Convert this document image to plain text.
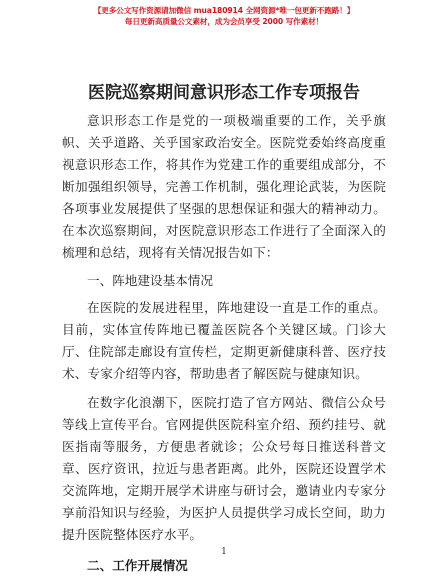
【更多公文写作资源请加微信 mua180914 全网资源*唯一包更新不跑路！】
每日更新高质量公文素材，成为会员享受 2000 写作素材！
医院巡察期间意识形态工作专项报告

意识形态工作是党的一项极端重要的工作，关乎旗帜、关乎道路、关乎国家政治安全。医院党委始终高度重视意识形态工作，将其作为党建工作的重要组成部分，不断加强组织领导，完善工作机制，强化理论武装，为医院各项事业发展提供了坚强的思想保证和强大的精神动力。在本次巡察期间，对医院意识形态工作进行了全面深入的梳理和总结，现将有关情况报告如下：

一、阵地建设基本情况

在医院的发展进程里，阵地建设一直是工作的重点。目前，实体宣传阵地已覆盖医院各个关键区域。门诊大厅、住院部走廊设有宣传栏，定期更新健康科普、医疗技术、专家介绍等内容，帮助患者了解医院与健康知识。

在数字化浪潮下，医院打造了官方网站、微信公众号等线上宣传平台。官网提供医院科室介绍、预约挂号、就医指南等服务，方便患者就诊；公众号每日推送科普文章、医疗资讯，拉近与患者距离。此外，医院还设置学术交流阵地，定期开展学术讲座与研讨会，邀请业内专家分享前沿知识与经验，为医护人员提供学习成长空间，助力提升医院整体医疗水平。

二、工作开展情况
1
